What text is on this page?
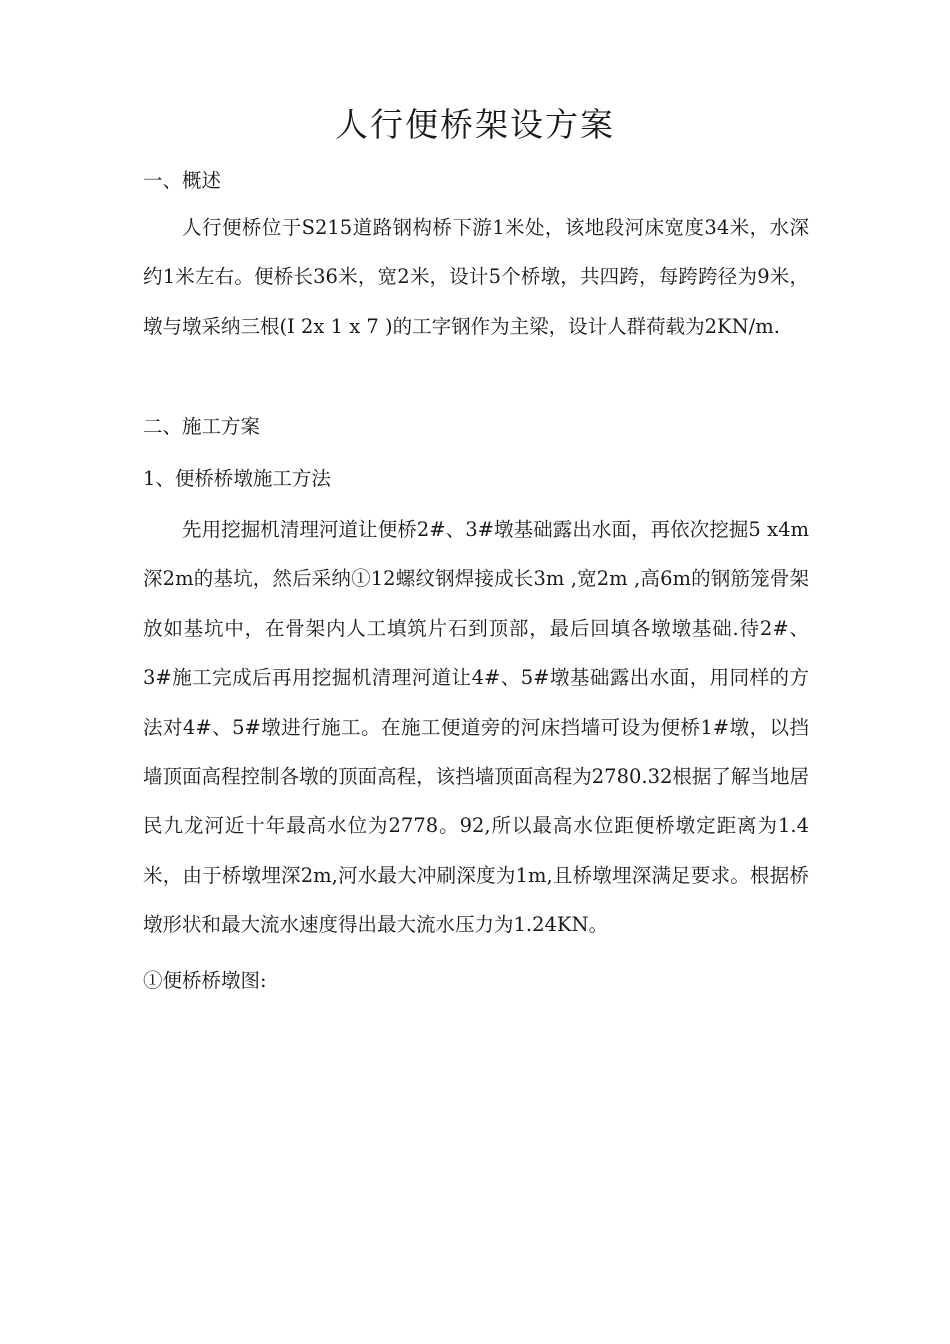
人行便桥架设方案
一、概述

人行便桥位于S215道路钢构桥下游1米处，该地段河床宽度34米，水深约1米左右。便桥长36米，宽2米，设计5个桥墩，共四跨，每跨跨径为9米，墩与墩采纳三根(I 2x 1 x 7 )的工字钢作为主梁，设计人群荷载为2KN/m.

二、施工方案
1、便桥桥墩施工方法

先用挖掘机清理河道让便桥2#、3#墩基础露出水面，再依次挖掘5 x4m深2m的基坑，然后采纳①12螺纹钢焊接成长3m ,宽2m ,高6m的钢筋笼骨架放如基坑中，在骨架内人工填筑片石到顶部，最后回填各墩墩基础.待2#、3#施工完成后再用挖掘机清理河道让4#、5#墩基础露出水面，用同样的方法对4#、5#墩进行施工。在施工便道旁的河床挡墙可设为便桥1#墩，以挡墙顶面高程控制各墩的顶面高程，该挡墙顶面高程为2780.32根据了解当地居民九龙河近十年最高水位为2778。92,所以最高水位距便桥墩定距离为1.4米，由于桥墩埋深2m,河水最大冲刷深度为1m,且桥墩埋深满足要求。根据桥墩形状和最大流水速度得出最大流水压力为1.24KN。

①便桥桥墩图:
